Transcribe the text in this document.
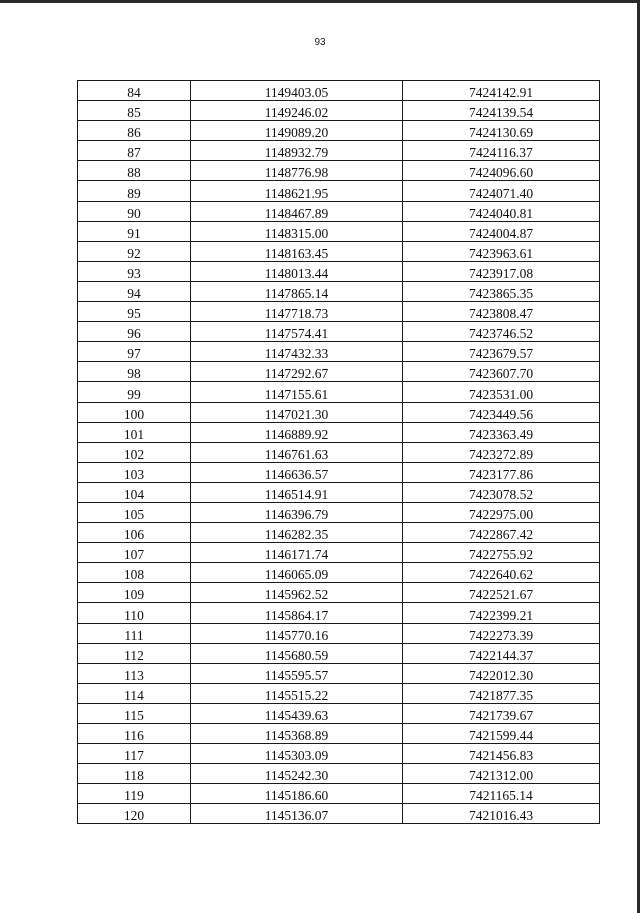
93
84	1149403.05	7424142.91
85	1149246.02	7424139.54
86	1149089.20	7424130.69
87	1148932.79	7424116.37
88	1148776.98	7424096.60
89	1148621.95	7424071.40
90	1148467.89	7424040.81
91	1148315.00	7424004.87
92	1148163.45	7423963.61
93	1148013.44	7423917.08
94	1147865.14	7423865.35
95	1147718.73	7423808.47
96	1147574.41	7423746.52
97	1147432.33	7423679.57
98	1147292.67	7423607.70
99	1147155.61	7423531.00
100	1147021.30	7423449.56
101	1146889.92	7423363.49
102	1146761.63	7423272.89
103	1146636.57	7423177.86
104	1146514.91	7423078.52
105	1146396.79	7422975.00
106	1146282.35	7422867.42
107	1146171.74	7422755.92
108	1146065.09	7422640.62
109	1145962.52	7422521.67
110	1145864.17	7422399.21
111	1145770.16	7422273.39
112	1145680.59	7422144.37
113	1145595.57	7422012.30
114	1145515.22	7421877.35
115	1145439.63	7421739.67
116	1145368.89	7421599.44
117	1145303.09	7421456.83
118	1145242.30	7421312.00
119	1145186.60	7421165.14
120	1145136.07	7421016.43
